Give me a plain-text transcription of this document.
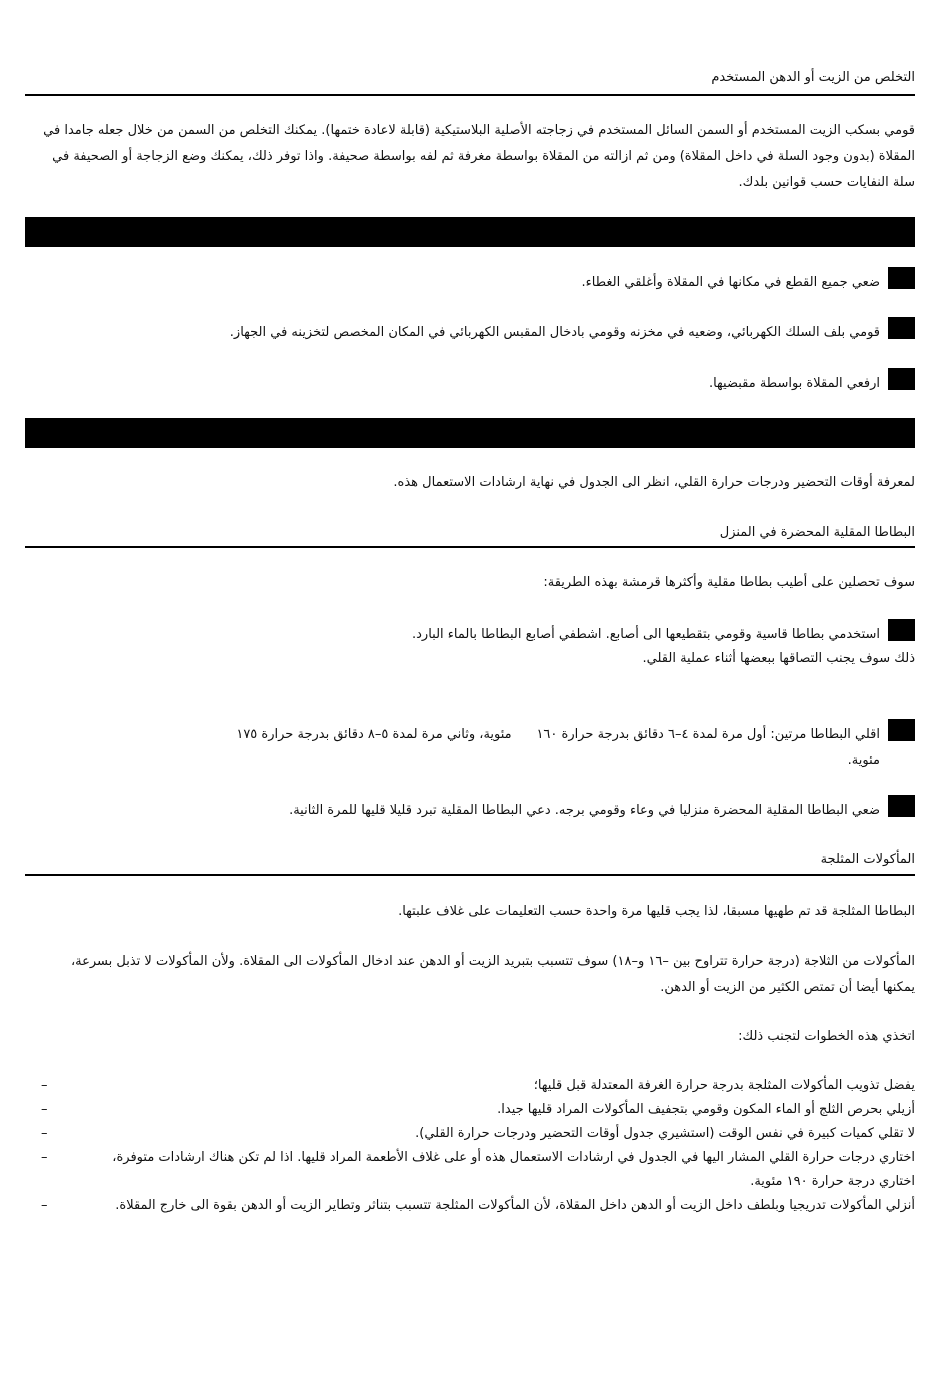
التخلص من الزيت أو الدهن المستخدم
قومي بسكب الزيت المستخدم أو السمن السائل المستخدم في زجاجته الأصلية البلاستيكية (قابلة لاعادة ختمها). يمكنك التخلص من السمن من خلال جعله جامدا في المقلاة (بدون وجود السلة في داخل المقلاة) ومن ثم ازالته من المقلاة بواسطة مغرفة ثم لفه بواسطة صحيفة. واذا توفر ذلك، يمكنك وضع الزجاجة أو الصحيفة في سلة النفايات حسب قوانين بلدك.
ضعي جميع القطع في مكانها في المقلاة وأغلقي الغطاء.
قومي بلف السلك الكهربائي، وضعيه في مخزنه وقومي بادخال المقبس الكهربائي في المكان المخصص لتخزينه في الجهاز.
ارفعي المقلاة بواسطة مقبضيها.
لمعرفة أوقات التحضير ودرجات حرارة القلي، انظر الى الجدول في نهاية ارشادات الاستعمال هذه.
البطاطا المقلية المحضرة في المنزل
سوف تحصلين على أطيب بطاطا مقلية وأكثرها قرمشة بهذه الطريقة:
استخدمي بطاطا قاسية وقومي بتقطيعها الى أصابع. اشطفي أصابع البطاطا بالماء البارد.
ذلك سوف يجنب التصاقها ببعضها أثناء عملية القلي.
اقلي البطاطا مرتين: أول مرة لمدة ٤–٦ دقائق بدرجة حرارة ١٦٠      مئوية، وثاني مرة لمدة ٥–٨ دقائق بدرجة حرارة ١٧٥
مئوية.
ضعي البطاطا المقلية المحضرة منزليا في وعاء وقومي برجه. دعي البطاطا المقلية تبرد قليلا قليها للمرة الثانية.
المأكولات المثلجة
البطاطا المثلجة قد تم طهيها مسبقا، لذا يجب قليها مرة واحدة حسب التعليمات على غلاف علبتها.
المأكولات من الثلاجة (درجة حرارة تتراوح بين –١٦ و–١٨) سوف تتسبب بتبريد الزيت أو الدهن عند ادخال المأكولات الى المقلاة. ولأن المأكولات لا تذبل بسرعة، يمكنها أيضا أن تمتص الكثير من الزيت أو الدهن.
اتخذي هذه الخطوات لتجنب ذلك:
يفضل تذويب المأكولات المثلجة بدرجة حرارة الغرفة المعتدلة قبل قليها؛
–
أزيلي بحرص الثلج أو الماء المكون وقومي بتجفيف المأكولات المراد قليها جيدا.
–
لا تقلي كميات كبيرة في نفس الوقت (استشيري جدول أوقات التحضير ودرجات حرارة القلي).
–
اختاري درجات حرارة القلي المشار اليها في الجدول في ارشادات الاستعمال هذه أو على غلاف الأطعمة المراد قليها. اذا لم تكن هناك ارشادات متوفرة، اختاري درجة حرارة ١٩٠ مئوية.
–
أنزلي المأكولات تدريجيا وبلطف داخل الزيت أو الدهن داخل المقلاة، لأن المأكولات المثلجة تتسبب بتناثر وتطاير الزيت أو الدهن بقوة الى خارج المقلاة.
–
